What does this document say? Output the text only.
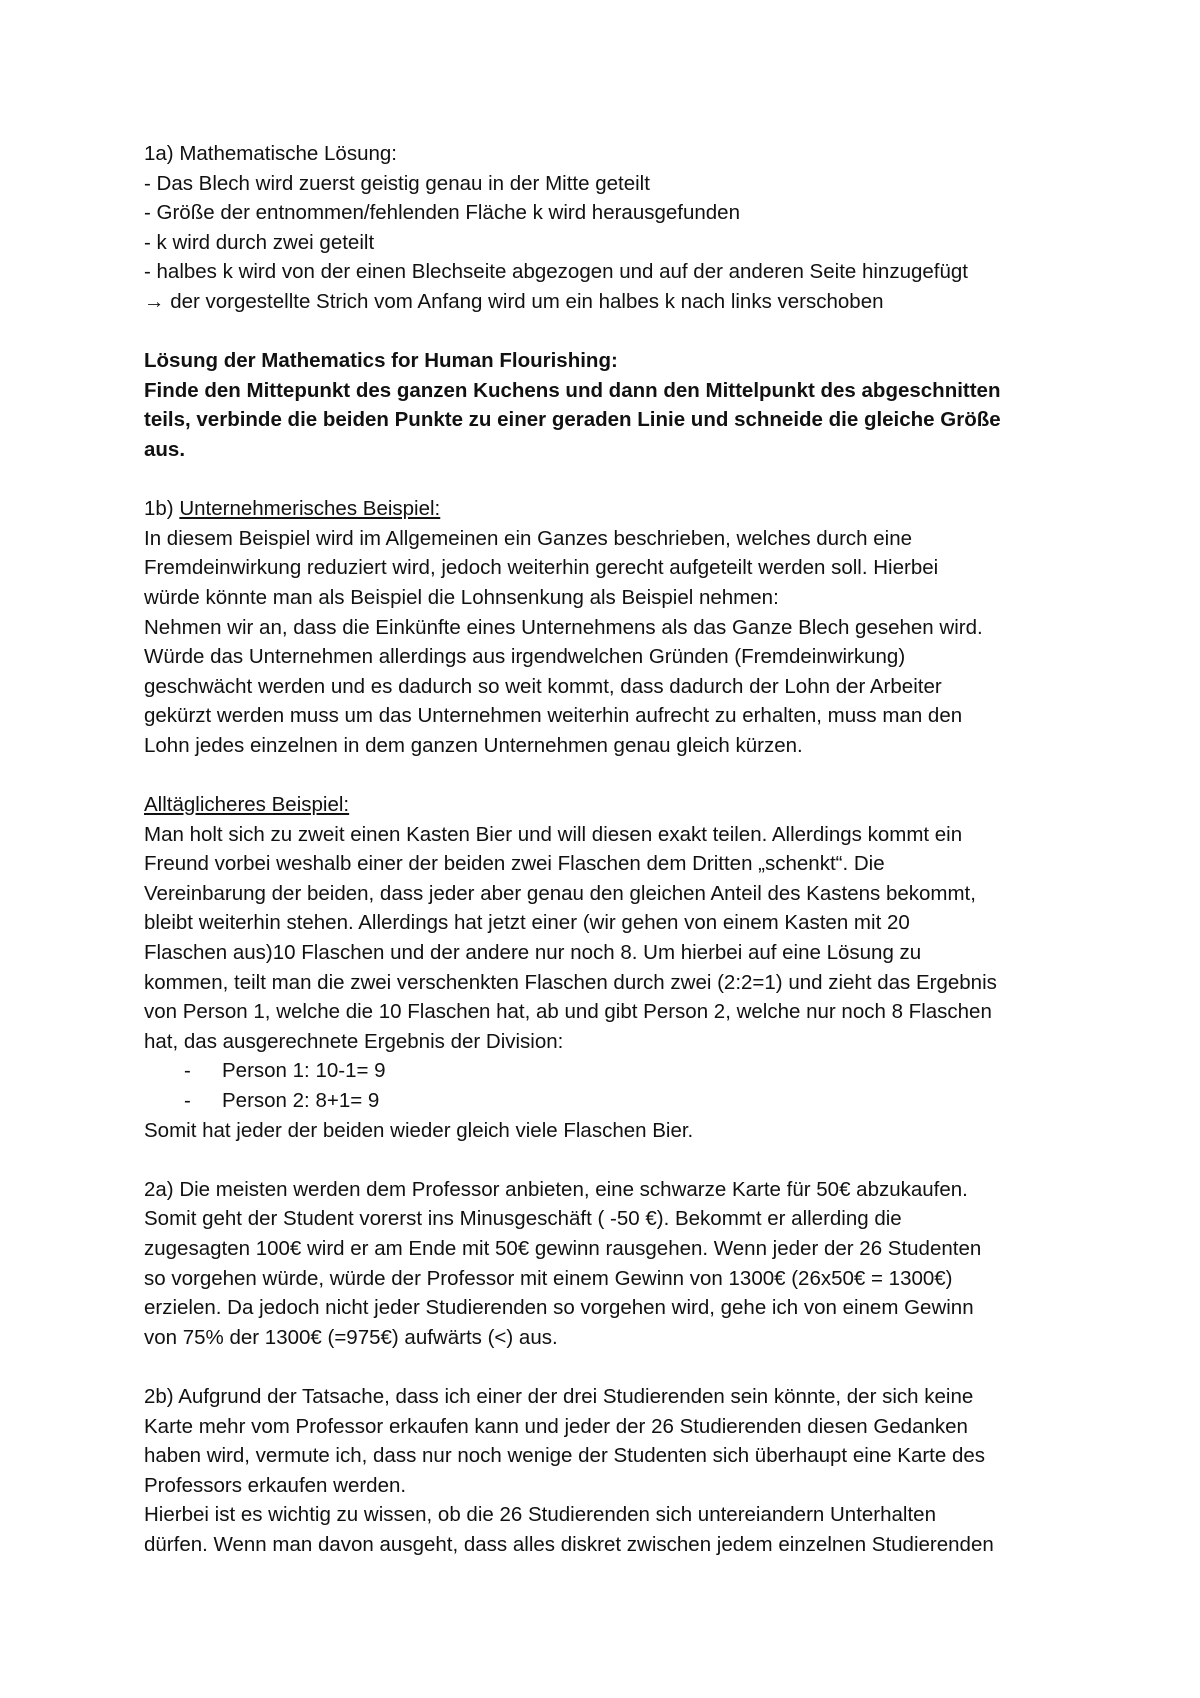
1a) Mathematische Lösung:
- Das Blech wird zuerst geistig genau in der Mitte geteilt
- Größe der entnommen/fehlenden Fläche k wird herausgefunden
- k wird durch zwei geteilt
- halbes k wird von der einen Blechseite abgezogen und auf der anderen Seite hinzugefügt
→ der vorgestellte Strich vom Anfang wird um ein halbes k nach links verschoben
Lösung der Mathematics for Human Flourishing:
Finde den Mittepunkt des ganzen Kuchens und dann den Mittelpunkt des abgeschnitten
teils, verbinde die beiden Punkte zu einer geraden Linie und schneide die gleiche Größe
aus.
1b) Unternehmerisches Beispiel:
In diesem Beispiel wird im Allgemeinen ein Ganzes beschrieben, welches durch eine
Fremdeinwirkung reduziert wird, jedoch weiterhin gerecht aufgeteilt werden soll. Hierbei
würde könnte man als Beispiel die Lohnsenkung als Beispiel nehmen:
Nehmen wir an, dass die Einkünfte eines Unternehmens als das Ganze Blech gesehen wird.
Würde das Unternehmen allerdings aus irgendwelchen Gründen (Fremdeinwirkung)
geschwächt werden und es dadurch so weit kommt, dass dadurch der Lohn der Arbeiter
gekürzt werden muss um das Unternehmen weiterhin aufrecht zu erhalten, muss man den
Lohn jedes einzelnen in dem ganzen Unternehmen genau gleich kürzen.
Alltäglicheres Beispiel:
Man holt sich zu zweit einen Kasten Bier und will diesen exakt teilen. Allerdings kommt ein
Freund vorbei weshalb einer der beiden zwei Flaschen dem Dritten „schenkt“. Die
Vereinbarung der beiden, dass jeder aber genau den gleichen Anteil des Kastens bekommt,
bleibt weiterhin stehen. Allerdings hat jetzt einer (wir gehen von einem Kasten mit 20
Flaschen aus)10 Flaschen und der andere nur noch 8. Um hierbei auf eine Lösung zu
kommen, teilt man die zwei verschenkten Flaschen durch zwei (2:2=1) und zieht das Ergebnis
von Person 1, welche die 10 Flaschen hat, ab und gibt Person 2, welche nur noch 8 Flaschen
hat, das ausgerechnete Ergebnis der Division:
- Person 1: 10-1= 9
- Person 2: 8+1= 9
Somit hat jeder der beiden wieder gleich viele Flaschen Bier.
2a) Die meisten werden dem Professor anbieten, eine schwarze Karte für 50€ abzukaufen.
Somit geht der Student vorerst ins Minusgeschäft ( -50 €). Bekommt er allerding die
zugesagten 100€ wird er am Ende mit 50€ gewinn rausgehen. Wenn jeder der 26 Studenten
so vorgehen würde, würde der Professor mit einem Gewinn von 1300€ (26x50€ = 1300€)
erzielen. Da jedoch nicht jeder Studierenden so vorgehen wird, gehe ich von einem Gewinn
von 75% der 1300€ (=975€) aufwärts (<) aus.
2b) Aufgrund der Tatsache, dass ich einer der drei Studierenden sein könnte, der sich keine
Karte mehr vom Professor erkaufen kann und jeder der 26 Studierenden diesen Gedanken
haben wird, vermute ich, dass nur noch wenige der Studenten sich überhaupt eine Karte des
Professors erkaufen werden.
Hierbei ist es wichtig zu wissen, ob die 26 Studierenden sich untereiandern Unterhalten
dürfen. Wenn man davon ausgeht, dass alles diskret zwischen jedem einzelnen Studierenden
